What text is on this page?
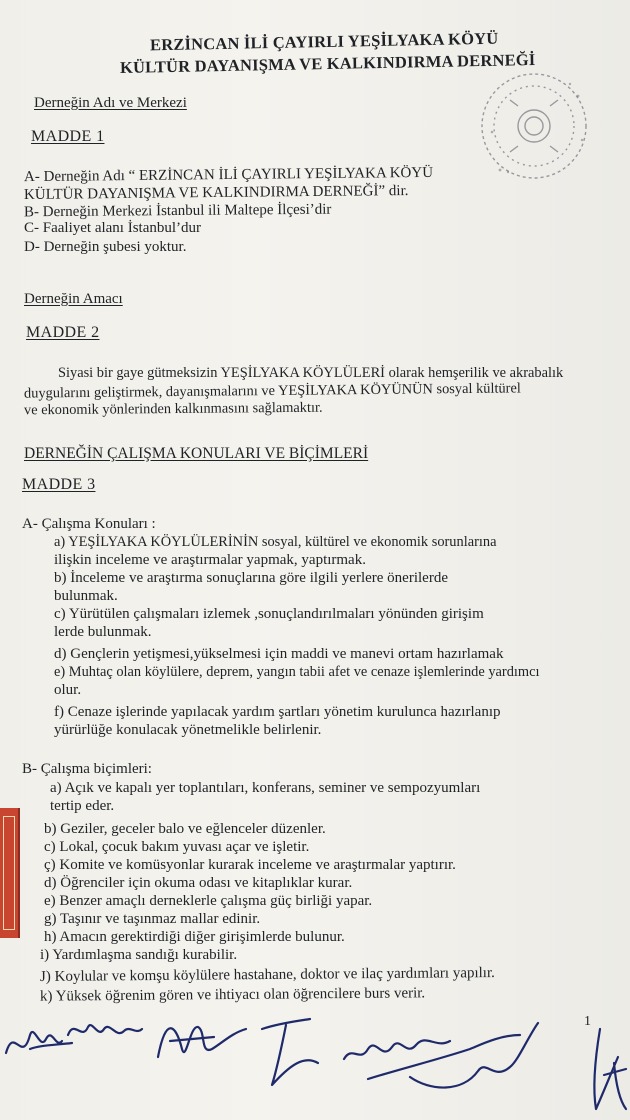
ERZİNCAN İLİ ÇAYIRLI YEŞİLYAKA KÖYÜ
KÜLTÜR DAYANIŞMA VE KALKINDIRMA DERNEĞİ
Derneğin Adı ve Merkezi
MADDE 1
A- Derneğin Adı “ ERZİNCAN İLİ ÇAYIRLI YEŞİLYAKA KÖYÜ
KÜLTÜR DAYANIŞMA VE KALKINDIRMA DERNEĞİ” dir.
B- Derneğin Merkezi İstanbul ili Maltepe İlçesi’dir
C- Faaliyet alanı İstanbul’dur
D- Derneğin şubesi yoktur.
Derneğin Amacı
MADDE 2
Siyasi bir gaye gütmeksizin YEŞİLYAKA KÖYLÜLERİ olarak hemşerilik ve akrabalık
duygularını geliştirmek, dayanışmalarını ve YEŞİLYAKA KÖYÜNÜN sosyal kültürel
ve ekonomik yönlerinden kalkınmasını sağlamaktır.
DERNEĞİN ÇALIŞMA KONULARI VE BİÇİMLERİ
MADDE 3
A- Çalışma Konuları :
a) YEŞİLYAKA KÖYLÜLERİNİN sosyal, kültürel ve ekonomik sorunlarına
ilişkin inceleme ve araştırmalar yapmak, yaptırmak.
b) İnceleme ve araştırma sonuçlarına göre ilgili yerlere önerilerde
bulunmak.
c) Yürütülen çalışmaları izlemek ,sonuçlandırılmaları yönünden girişim
lerde bulunmak.
d) Gençlerin yetişmesi,yükselmesi için maddi ve manevi ortam hazırlamak
e) Muhtaç olan köylülere, deprem, yangın tabii afet ve cenaze işlemlerinde yardımcı
olur.
f) Cenaze işlerinde yapılacak yardım şartları yönetim kurulunca hazırlanıp
yürürlüğe konulacak yönetmelikle belirlenir.
B- Çalışma biçimleri:
a) Açık ve kapalı yer toplantıları, konferans, seminer ve sempozyumları
tertip eder.
b) Geziler, geceler balo ve eğlenceler düzenler.
c) Lokal, çocuk bakım yuvası açar ve işletir.
ç) Komite ve komüsyonlar kurarak inceleme ve araştırmalar yaptırır.
d) Öğrenciler için okuma odası ve kitaplıklar kurar.
e) Benzer amaçlı derneklerle çalışma güç birliği yapar.
g) Taşınır ve taşınmaz mallar edinir.
h) Amacın gerektirdiği diğer girişimlerde bulunur.
i) Yardımlaşma sandığı kurabilir.
J) Koylular ve komşu köylülere hastahane, doktor ve ilaç yardımları yapılır.
k) Yüksek öğrenim gören ve ihtiyacı olan öğrencilere burs verir.
1
